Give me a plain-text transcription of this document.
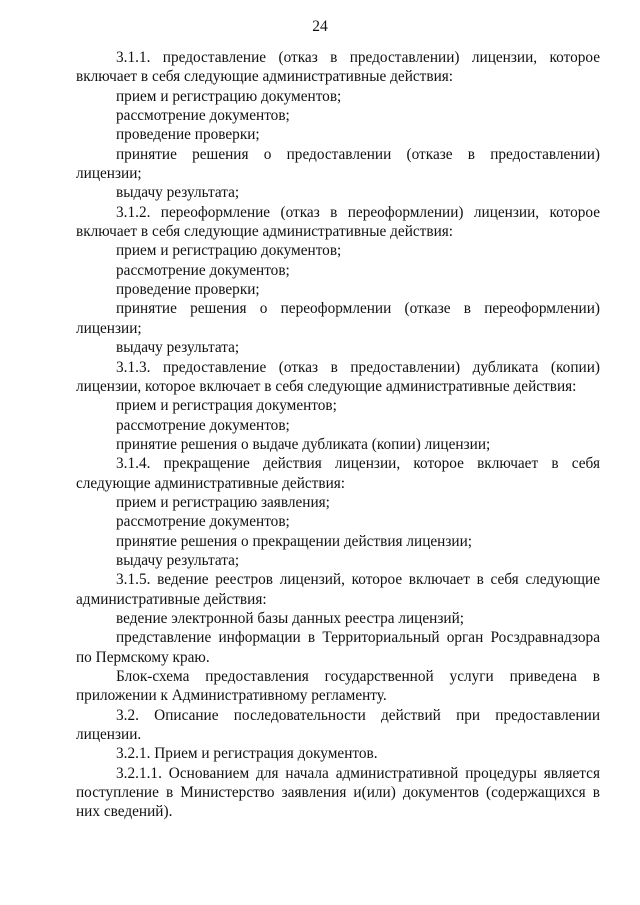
24

3.1.1. предоставление (отказ в предоставлении) лицензии, которое включает в себя следующие административные действия:

прием и регистрацию документов;

рассмотрение документов;

проведение проверки;

принятие решения о предоставлении (отказе в предоставлении) лицензии;

выдачу результата;

3.1.2. переоформление (отказ в переоформлении) лицензии, которое включает в себя следующие административные действия:

прием и регистрацию документов;

рассмотрение документов;

проведение проверки;

принятие решения о переоформлении (отказе в переоформлении) лицензии;

выдачу результата;

3.1.3. предоставление (отказ в предоставлении) дубликата (копии) лицензии, которое включает в себя следующие административные действия:

прием и регистрация документов;

рассмотрение документов;

принятие решения о выдаче дубликата (копии) лицензии;

3.1.4. прекращение действия лицензии, которое включает в себя следующие административные действия:

прием и регистрацию заявления;

рассмотрение документов;

принятие решения о прекращении действия лицензии;

выдачу результата;

3.1.5. ведение реестров лицензий, которое включает в себя следующие административные действия:

ведение электронной базы данных реестра лицензий;

представление информации в Территориальный орган Росздравнадзора по Пермскому краю.

Блок-схема предоставления государственной услуги приведена в приложении к Административному регламенту.

3.2. Описание последовательности действий при предоставлении лицензии.

3.2.1. Прием и регистрация документов.

3.2.1.1. Основанием для начала административной процедуры является поступление в Министерство заявления и(или) документов (содержащихся в них сведений).
